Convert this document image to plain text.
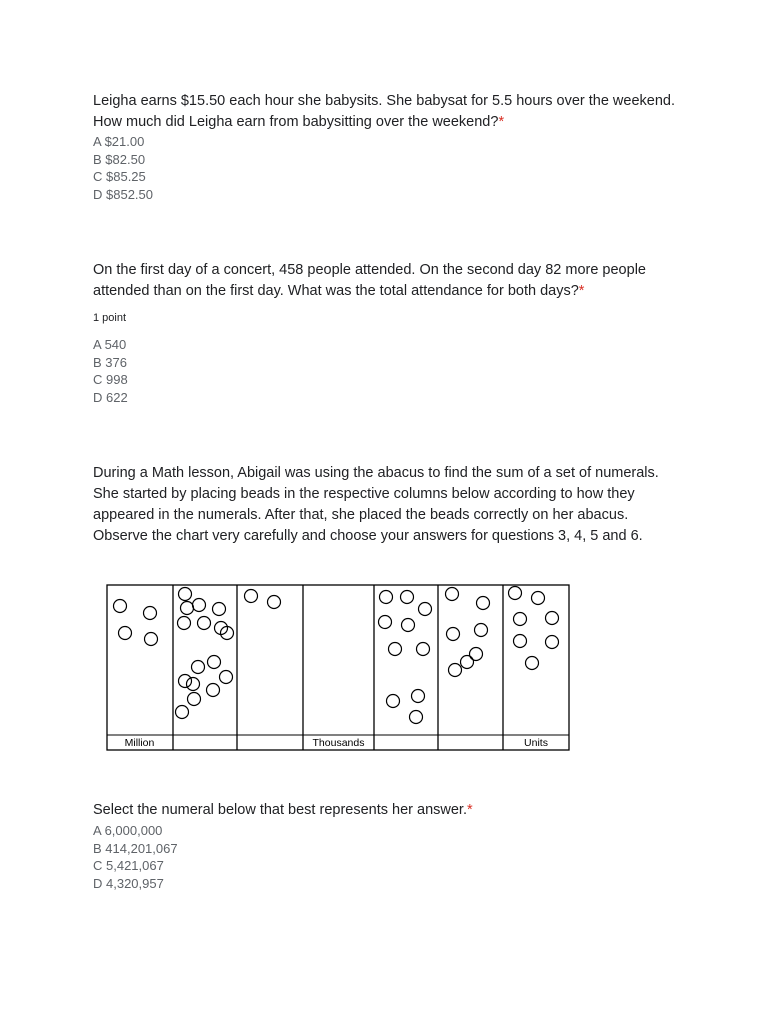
Leigha earns $15.50 each hour she babysits. She babysat for 5.5 hours over the weekend. How much did Leigha earn from babysitting over the weekend?*

A $21.00
B $82.50
C $85.25
D $852.50

On the first day of a concert, 458 people attended. On the second day 82 more people attended than on the first day. What was the total attendance for both days?*

1 point
A 540
B 376
C 998
D 622

During a Math lesson, Abigail was using the abacus to find the sum of a set of numerals. She started by placing beads in the respective columns below according to how they appeared in the numerals. After that, she placed the beads correctly on her abacus. Observe the chart very carefully and choose your answers for questions 3, 4, 5 and 6.

Million	Thousands	Units

Select the numeral below that best represents her answer.*

A 6,000,000
B 414,201,067
C 5,421,067
D 4,320,957
